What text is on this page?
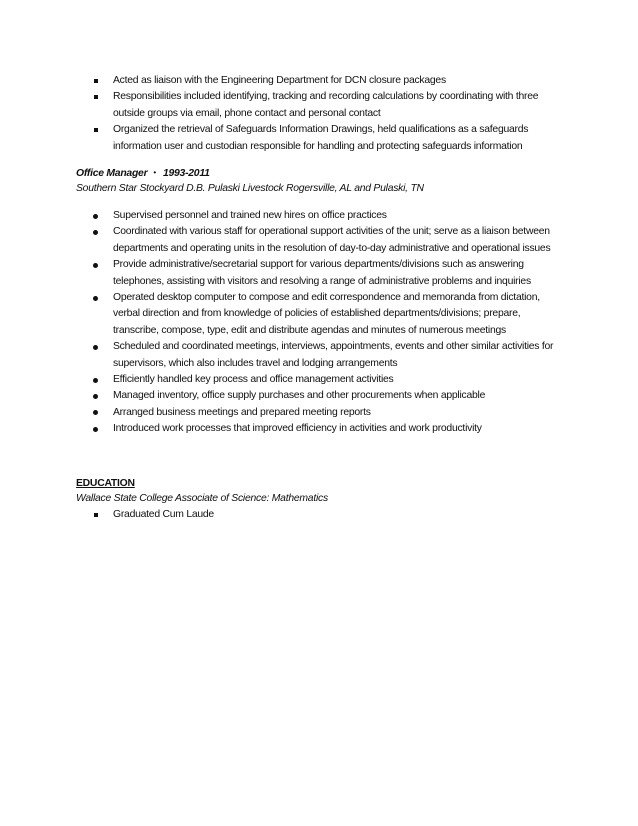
Acted as liaison with the Engineering Department for DCN closure packages
Responsibilities included identifying, tracking and recording calculations by coordinating with three outside groups via email, phone contact and personal contact
Organized the retrieval of Safeguards Information Drawings, held qualifications as a safeguards information user and custodian responsible for handling and protecting safeguards information
Office Manager • 1993-2011
Southern Star Stockyard D.B. Pulaski Livestock Rogersville, AL and Pulaski, TN
Supervised personnel and trained new hires on office practices
Coordinated with various staff for operational support activities of the unit; serve as a liaison between departments and operating units in the resolution of day-to-day administrative and operational issues
Provide administrative/secretarial support for various departments/divisions such as answering telephones, assisting with visitors and resolving a range of administrative problems and inquiries
Operated desktop computer to compose and edit correspondence and memoranda from dictation, verbal direction and from knowledge of policies of established departments/divisions; prepare, transcribe, compose, type, edit and distribute agendas and minutes of numerous meetings
Scheduled and coordinated meetings, interviews, appointments, events and other similar activities for supervisors, which also includes travel and lodging arrangements
Efficiently handled key process and office management activities
Managed inventory, office supply purchases and other procurements when applicable
Arranged business meetings and prepared meeting reports
Introduced work processes that improved efficiency in activities and work productivity
EDUCATION
Wallace State College Associate of Science: Mathematics
Graduated Cum Laude
